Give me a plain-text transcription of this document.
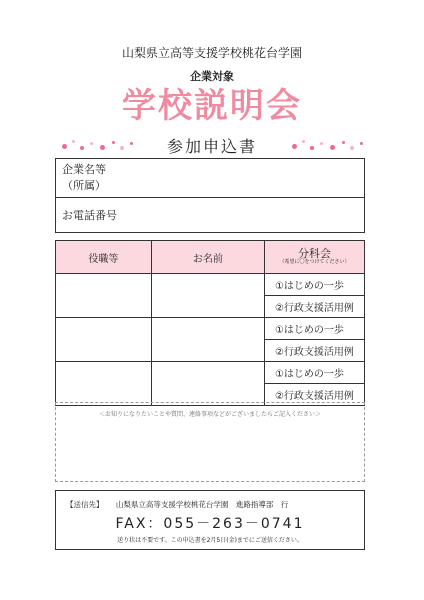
山梨県立高等支援学校桃花台学園
企業対象
学校説明会
参加申込書
企業名等
（所属）

お電話番号
役職等	お名前	分科会
（希望に〇をつけてください）

		①はじめの一歩
		②行政支援活用例
		①はじめの一歩
		②行政支援活用例
		①はじめの一歩
		②行政支援活用例
＜お知りになりたいことや質問、連絡事項などがございましたらご記入ください＞
【送信先】 山梨県立高等支援学校桃花台学園　進路指導部　行
FAX：055－263－0741
送り状は不要です。この申込書を2月5日(金)までにご送信ください。
